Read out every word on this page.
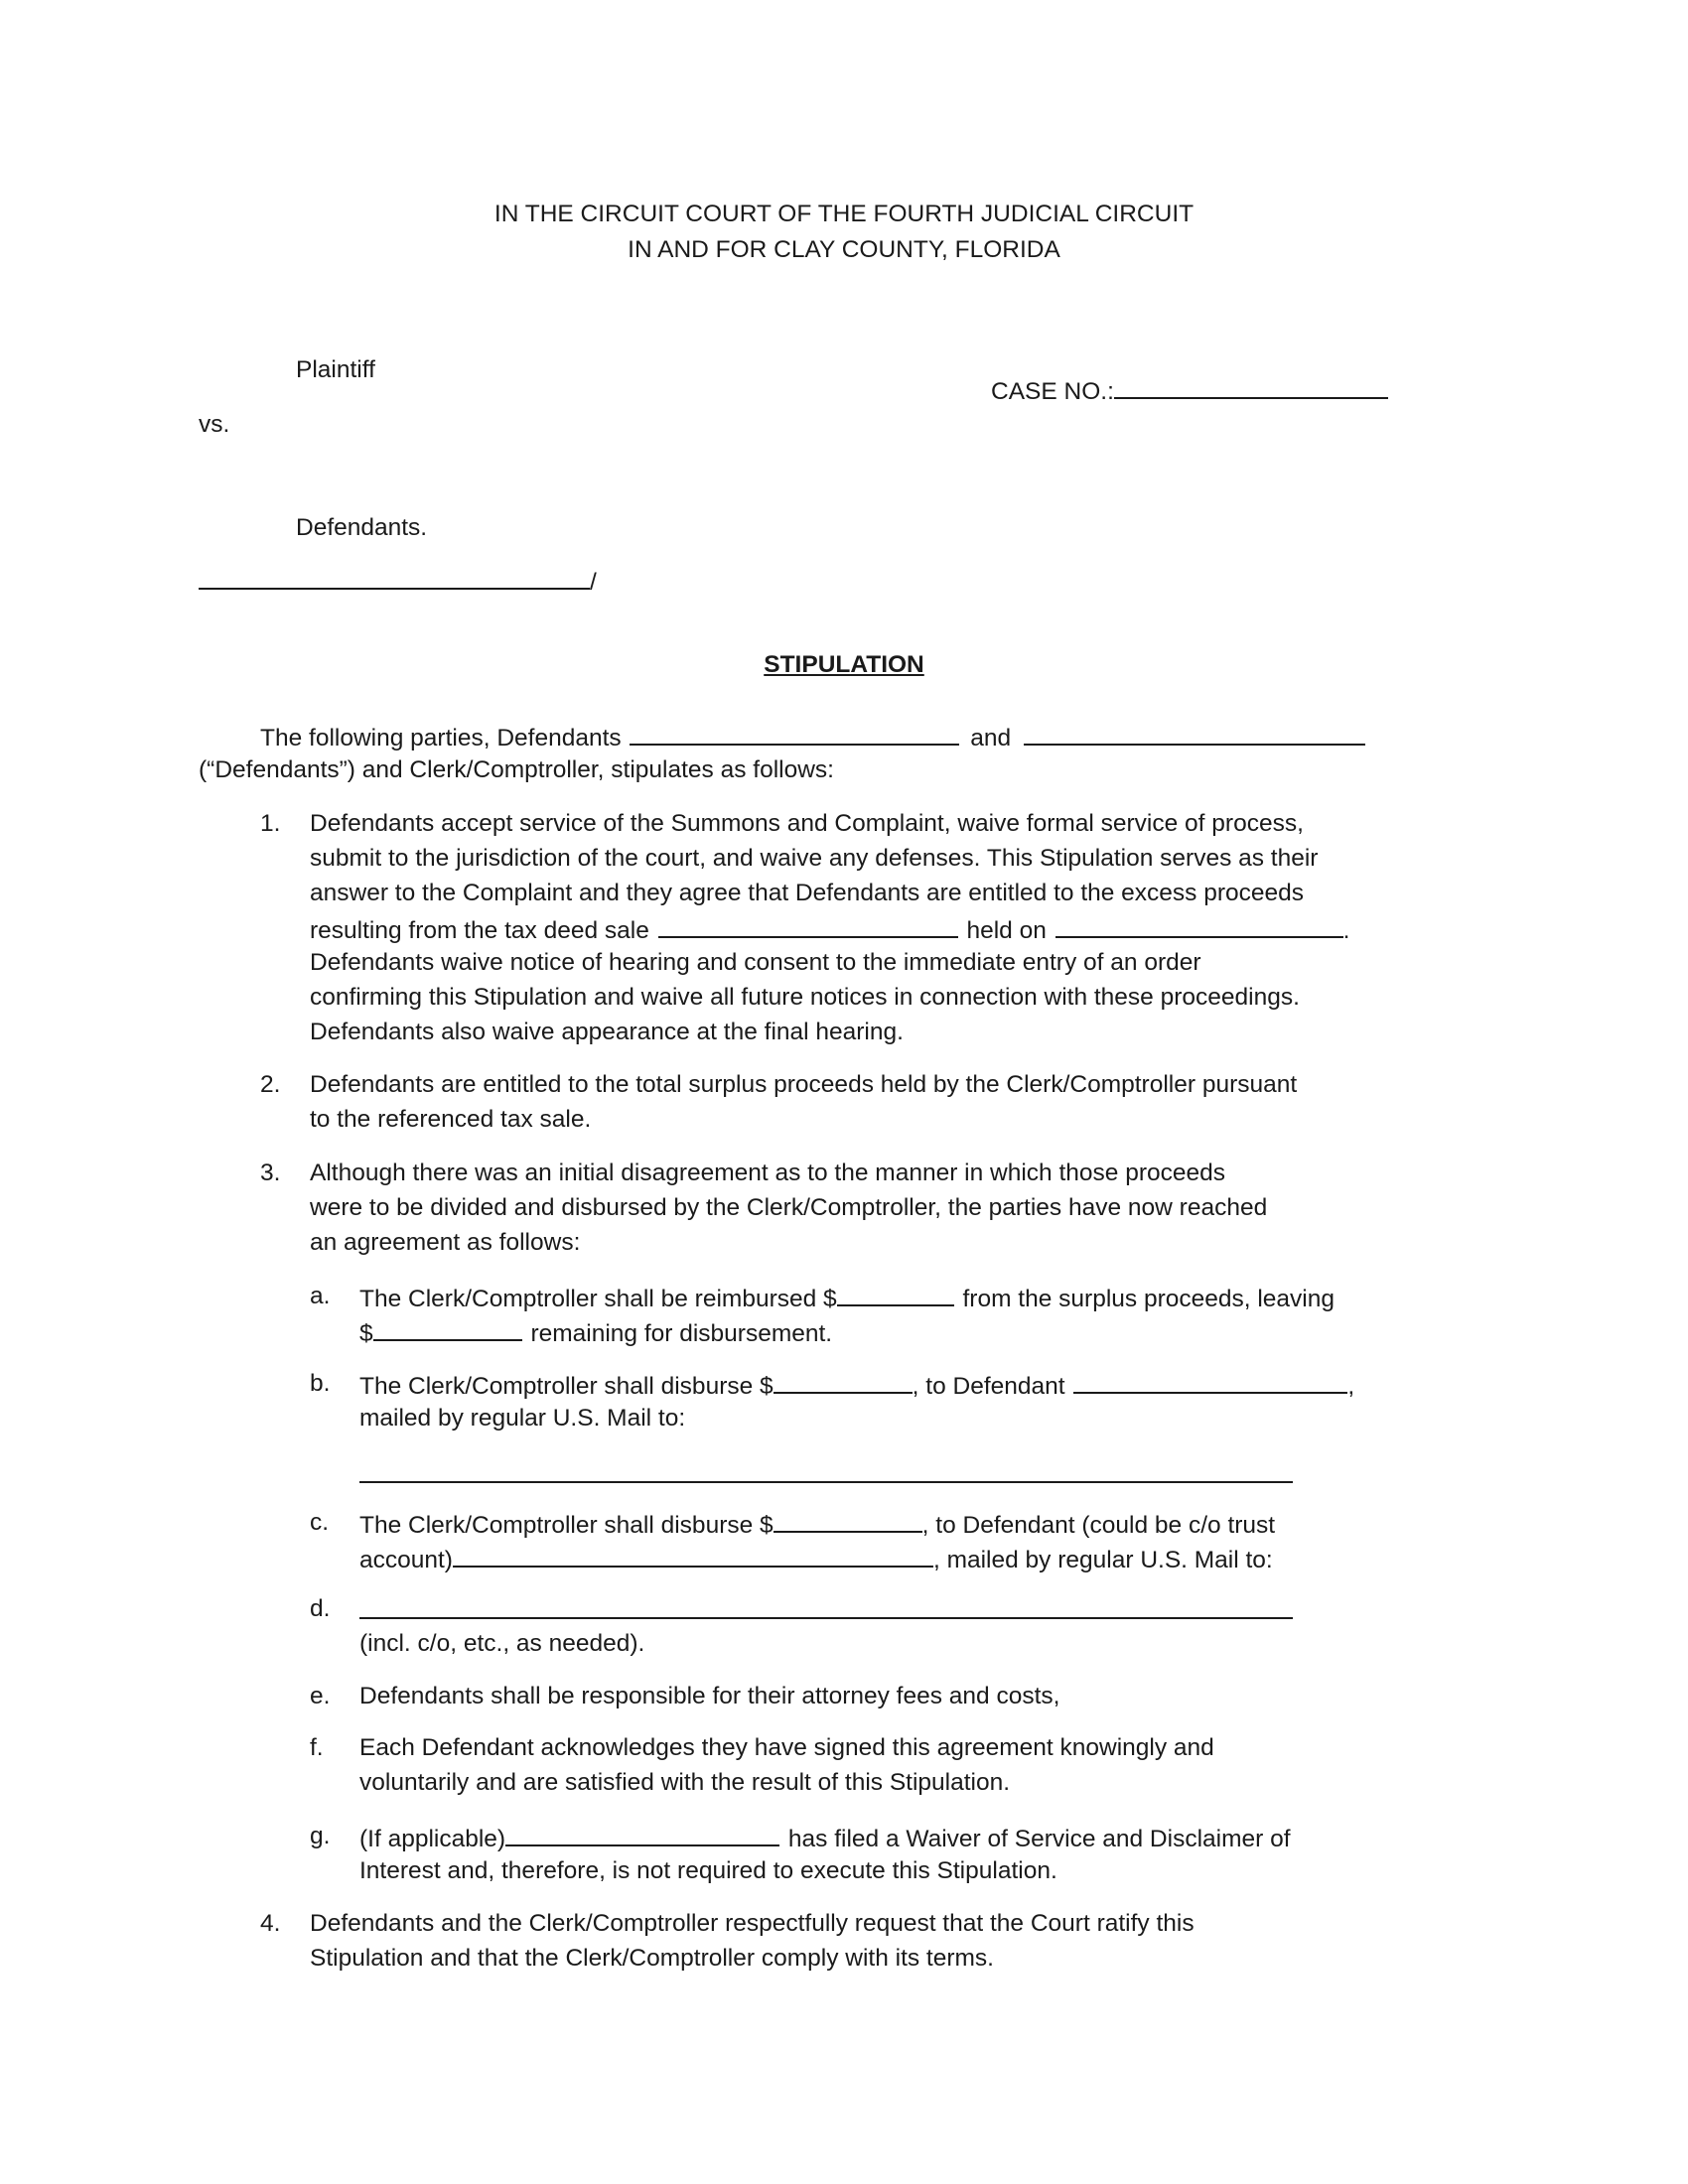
IN THE CIRCUIT COURT OF THE FOURTH JUDICIAL CIRCUIT
IN AND FOR CLAY COUNTY, FLORIDA
Plaintiff
CASE NO.:
vs.
Defendants.
/
STIPULATION
The following parties, Defendants	and
(“Defendants”) and Clerk/Comptroller, stipulates as follows:
1. Defendants accept service of the Summons and Complaint, waive formal service of process,
submit to the jurisdiction of the court, and waive any defenses. This Stipulation serves as their
answer to the Complaint and they agree that Defendants are entitled to the excess proceeds
resulting from the tax deed sale	held on	.
Defendants waive notice of hearing and consent to the immediate entry of an order
confirming this Stipulation and waive all future notices in connection with these proceedings.
Defendants also waive appearance at the final hearing.
2. Defendants are entitled to the total surplus proceeds held by the Clerk/Comptroller pursuant
to the referenced tax sale.
3. Although there was an initial disagreement as to the manner in which those proceeds
were to be divided and disbursed by the Clerk/Comptroller, the parties have now reached
an agreement as follows:
a. The Clerk/Comptroller shall be reimbursed $	from the surplus proceeds, leaving
$	remaining for disbursement.
b. The Clerk/Comptroller shall disburse $	, to Defendant	,
mailed by regular U.S. Mail to:
c. The Clerk/Comptroller shall disburse $	, to Defendant (could be c/o trust
account)	, mailed by regular U.S. Mail to:
d.
(incl. c/o, etc., as needed).
e. Defendants shall be responsible for their attorney fees and costs,
f. Each Defendant acknowledges they have signed this agreement knowingly and
voluntarily and are satisfied with the result of this Stipulation.
g. (If applicable)	has filed a Waiver of Service and Disclaimer of
Interest and, therefore, is not required to execute this Stipulation.
4. Defendants and the Clerk/Comptroller respectfully request that the Court ratify this
Stipulation and that the Clerk/Comptroller comply with its terms.
